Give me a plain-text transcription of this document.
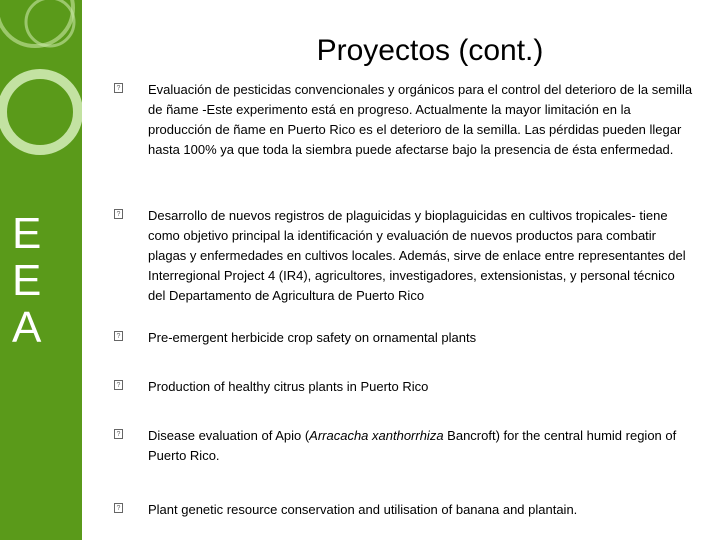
E
E
A
Proyectos (cont.)
? Evaluación de pesticidas convencionales y orgánicos para el control del deterioro de la semilla de ñame -Este experimento está en progreso. Actualmente la mayor limitación en la producción de ñame en Puerto Rico es el deterioro de la semilla. Las pérdidas pueden llegar hasta 100% ya que toda la siembra puede afectarse bajo la presencia de ésta enfermedad.
? Desarrollo de nuevos registros de plaguicidas y bioplaguicidas en cultivos tropicales- tiene como objetivo principal la identificación y evaluación de nuevos productos para combatir plagas y enfermedades en cultivos locales. Además, sirve de enlace entre representantes del Interregional Project 4 (IR4), agricultores, investigadores, extensionistas, y personal técnico del Departamento de Agricultura de Puerto Rico
? Pre-emergent herbicide crop safety on ornamental plants
? Production of healthy citrus plants in Puerto Rico
? Disease evaluation of Apio (Arracacha xanthorrhiza Bancroft) for the central humid region of Puerto Rico.
? Plant genetic resource conservation and utilisation of banana and plantain.
